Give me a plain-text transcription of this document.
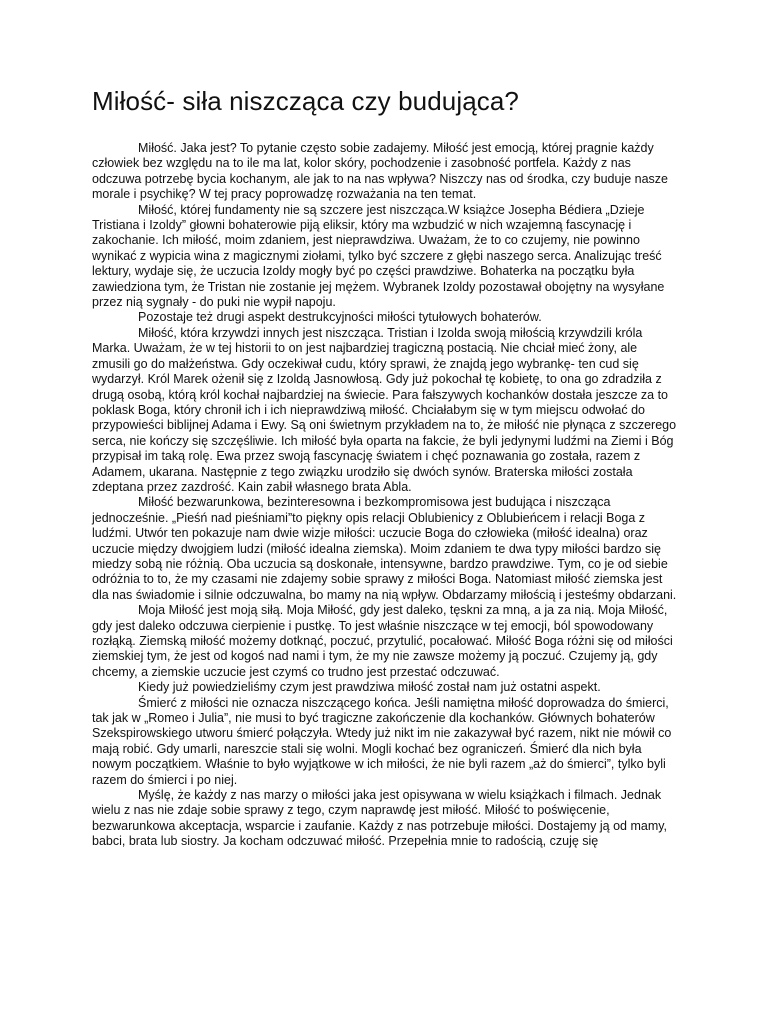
Miłość- siła niszcząca czy budująca?

Miłość. Jaka jest? To pytanie często sobie zadajemy. Miłość jest emocją, której pragnie każdy człowiek bez względu na to ile ma lat, kolor skóry, pochodzenie i zasobność portfela. Każdy z nas odczuwa potrzebę bycia kochanym, ale jak to na nas wpływa? Niszczy nas od środka, czy buduje nasze morale i psychikę? W tej pracy poprowadzę rozważania na ten temat.

Miłość, której fundamenty nie są szczere jest niszcząca.W książce Josepha Bédiera „Dzieje Tristiana i Izoldy” głowni bohaterowie piją eliksir, który ma wzbudzić w nich wzajemną fascynację i zakochanie. Ich miłość, moim zdaniem, jest nieprawdziwa. Uważam, że to co czujemy, nie powinno wynikać z wypicia wina z magicznymi ziołami, tylko być szczere z głębi naszego serca. Analizując treść lektury, wydaje się, że uczucia Izoldy mogły być po części prawdziwe. Bohaterka na początku była zawiedziona tym, że Tristan nie zostanie jej mężem. Wybranek Izoldy pozostawał obojętny na wysyłane przez nią sygnały - do puki nie wypił napoju.

Pozostaje też drugi aspekt destrukcyjności miłości tytułowych bohaterów.

Miłość, która krzywdzi innych jest niszcząca. Tristian i Izolda swoją miłością krzywdzili króla Marka. Uważam, że w tej historii to on jest najbardziej tragiczną postacią. Nie chciał mieć żony, ale zmusili go do małżeństwa. Gdy oczekiwał cudu, który sprawi, że znajdą jego wybrankę- ten cud się wydarzył. Król Marek ożenił się z Izoldą Jasnowłosą. Gdy już pokochał tę kobietę, to ona go zdradziła z drugą osobą, którą król kochał najbardziej na świecie. Para fałszywych kochanków dostała jeszcze za to poklask Boga, który chronił ich i ich nieprawdziwą miłość. Chciałabym się w tym miejscu odwołać do przypowieści biblijnej Adama i Ewy. Są oni świetnym przykładem na to, że miłość nie płynąca z szczerego serca, nie kończy się szczęśliwie. Ich miłość była oparta na fakcie, że byli jedynymi ludźmi na Ziemi i Bóg przypisał im taką rolę. Ewa przez swoją fascynację światem i chęć poznawania go została, razem z Adamem, ukarana. Następnie z tego związku urodziło się dwóch synów. Braterska miłości została zdeptana przez zazdrość. Kain zabił własnego brata Abla.

Miłość bezwarunkowa, bezinteresowna i bezkompromisowa jest budująca i niszcząca jednocześnie. „Pieśń nad pieśniami”to piękny opis relacji Oblubienicy z Oblubieńcem i relacji Boga z ludźmi. Utwór ten pokazuje nam dwie wizje miłości: uczucie Boga do człowieka (miłość idealna) oraz uczucie między dwojgiem ludzi (miłość idealna ziemska). Moim zdaniem te dwa typy miłości bardzo się miedzy sobą nie różnią. Oba uczucia są doskonałe, intensywne, bardzo prawdziwe. Tym, co je od siebie odróżnia to to, że my czasami nie zdajemy sobie sprawy z miłości Boga. Natomiast miłość ziemska jest dla nas świadomie i silnie odczuwalna, bo mamy na nią wpływ. Obdarzamy miłością i jesteśmy obdarzani.

Moja Miłość jest moją siłą. Moja Miłość, gdy jest daleko, tęskni za mną, a ja za nią. Moja Miłość, gdy jest daleko odczuwa cierpienie i pustkę. To jest właśnie niszczące w tej emocji, ból spowodowany rozłąką. Ziemską miłość możemy dotknąć, poczuć, przytulić, pocałować. Miłość Boga różni się od miłości ziemskiej tym, że jest od kogoś nad nami i tym, że my nie zawsze możemy ją poczuć. Czujemy ją, gdy chcemy, a ziemskie uczucie jest czymś co trudno jest przestać odczuwać.

Kiedy już powiedzieliśmy czym jest prawdziwa miłość został nam już ostatni aspekt.

Śmierć z miłości nie oznacza niszczącego końca. Jeśli namiętna miłość doprowadza do śmierci, tak jak w „Romeo i Julia”, nie musi to być tragiczne zakończenie dla kochanków. Głównych bohaterów Szekspirowskiego utworu śmierć połączyła. Wtedy już nikt im nie zakazywał być razem, nikt nie mówił co mają robić. Gdy umarli, nareszcie stali się wolni. Mogli kochać bez ograniczeń. Śmierć dla nich była nowym początkiem. Właśnie to było wyjątkowe w ich miłości, że nie byli razem „aż do śmierci”, tylko byli razem do śmierci i po niej.

Myślę, że każdy z nas marzy o miłości jaka jest opisywana w wielu książkach i filmach. Jednak wielu z nas nie zdaje sobie sprawy z tego, czym naprawdę jest miłość. Miłość to poświęcenie, bezwarunkowa akceptacja, wsparcie i zaufanie. Każdy z nas potrzebuje miłości. Dostajemy ją od mamy, babci, brata lub siostry. Ja kocham odczuwać miłość. Przepełnia mnie to radością, czuję się
